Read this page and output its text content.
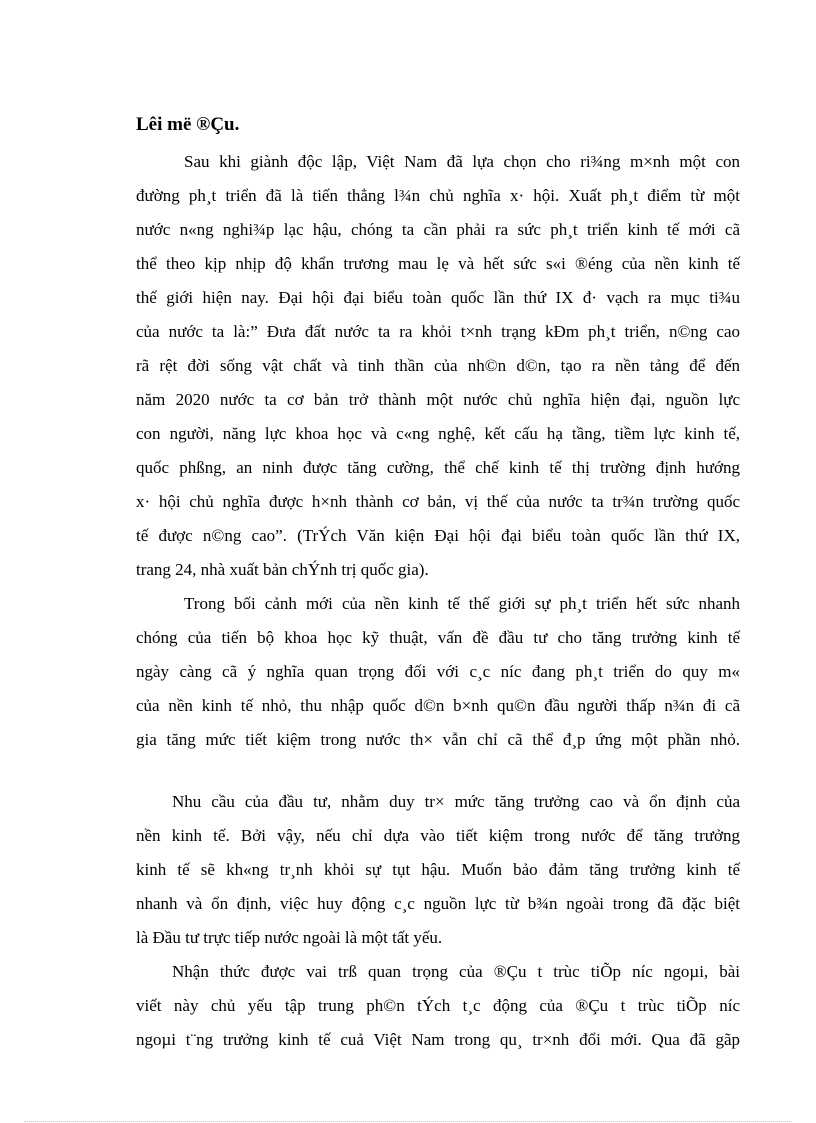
Lêi më ®Çu.
Sau khi giành độc lập, Việt Nam đã lựa chọn cho ri¾ng m×nh một con
đường ph¸t triển đã là tiến thẳng l¾n chủ nghĩa x· hội. Xuất ph¸t điểm từ một
nước n«ng nghi¾p lạc hậu, chóng ta cần phải ra sức ph¸t triển kinh tế mới cã
thể theo kịp nhịp độ khẩn trương mau lẹ và hết sức s«i ®éng của nền kinh tế
thế giới hiện nay. Đại hội đại biểu toàn quốc lần thứ IX đ· vạch ra mục ti¾u
của nước ta là:” Đưa đất nước ta ra khỏi t×nh trạng kÐm ph¸t triển, n©ng cao
rã rệt đời sống vật chất và tinh thần của nh©n d©n, tạo ra nền tảng để đến
năm 2020 nước ta cơ bản trở thành một nước chủ nghĩa hiện đại, nguồn lực
con người, năng lực khoa học và c«ng nghệ, kết cấu hạ tầng, tiềm lực kinh tế,
quốc phßng, an ninh được tăng cường, thể chế kinh tế thị trường định hướng
x· hội chủ nghĩa được h×nh thành cơ bản, vị thế của nước ta tr¾n trường quốc
tế được n©ng cao”. (TrÝch Văn kiện Đại hội đại biểu toàn quốc lần thứ IX,
trang 24, nhà xuất bản chÝnh trị quốc gia).
Trong bối cảnh mới của nền kinh tế thế giới sự ph¸t triển hết sức nhanh
chóng của tiến bộ khoa học kỹ thuật, vấn đề đầu tư cho tăng trưởng kinh tế
ngày càng cã ý nghĩa quan trọng đối với c¸c níc đang ph¸t triển do quy m«
của nền kinh tế nhỏ, thu nhập quốc d©n b×nh qu©n đầu người thấp n¾n đi cã
gia tăng mức tiết kiệm trong nước th× vẫn chỉ cã thể đ¸p ứng một phần nhỏ.
Nhu cầu của đầu tư, nhằm duy tr× mức tăng trưởng cao và ổn định của
nền kinh tế. Bởi vậy, nếu chỉ dựa vào tiết kiệm trong nước để tăng trưởng
kinh tế sẽ kh«ng tr¸nh khỏi sự tụt hậu. Muốn bảo đảm tăng trưởng kinh tế
nhanh và ổn định, việc huy động c¸c nguồn lực từ b¾n ngoài trong đã đặc biệt
là Đầu tư trực tiếp nước ngoài là một tất yếu.
Nhận thức được vai trß quan trọng của ®Çu t trùc tiÕp níc ngoµi, bài
viết này chủ yếu tập trung ph©n tÝch t¸c động của ®Çu t trùc tiÕp níc
ngoµi t¨ng trưởng kinh tế cuả Việt Nam trong qu¸ tr×nh đổi mới. Qua đã gãp
